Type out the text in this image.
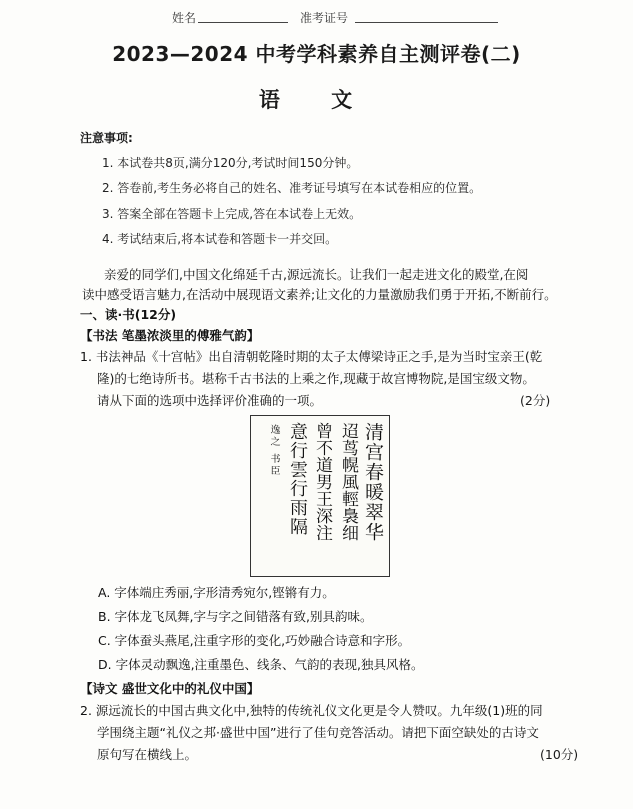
姓名	准考证号
2023—2024 中考学科素养自主测评卷(二)
语 文
注意事项:
1. 本试卷共8页,满分120分,考试时间150分钟。
2. 答卷前,考生务必将自己的姓名、准考证号填写在本试卷相应的位置。
3. 答案全部在答题卡上完成,答在本试卷上无效。
4. 考试结束后,将本试卷和答题卡一并交回。
亲爱的同学们,中国文化绵延千古,源远流长。让我们一起走进文化的殿堂,在阅
读中感受语言魅力,在活动中展现语文素养;让文化的力量激励我们勇于开拓,不断前行。
一、读·书(12分)
【书法 笔墨浓淡里的傅雅气韵】
1. 书法神品《十宫帖》出自清朝乾隆时期的太子太傅梁诗正之手,是为当时宝亲王(乾
隆)的七绝诗所书。堪称千古书法的上乘之作,现藏于故宫博物院,是国宝级文物。
请从下面的选项中选择评价准确的一项。	(2分)
清宫春暖翠华
迢茑幌風輕裊细
曾不道男王深注
意行雲行雨隔
逸之 书臣
A. 字体端庄秀丽,字形清秀宛尔,铿锵有力。
B. 字体龙飞凤舞,字与字之间错落有致,别具韵味。
C. 字体蚕头燕尾,注重字形的变化,巧妙融合诗意和字形。
D. 字体灵动飘逸,注重墨色、线条、气韵的表现,独具风格。
【诗文 盛世文化中的礼仪中国】
2. 源远流长的中国古典文化中,独特的传统礼仪文化更是令人赞叹。九年级(1)班的同
学围绕主题“礼仪之邦·盛世中国”进行了佳句竞答活动。请把下面空缺处的古诗文
原句写在横线上。	(10分)
